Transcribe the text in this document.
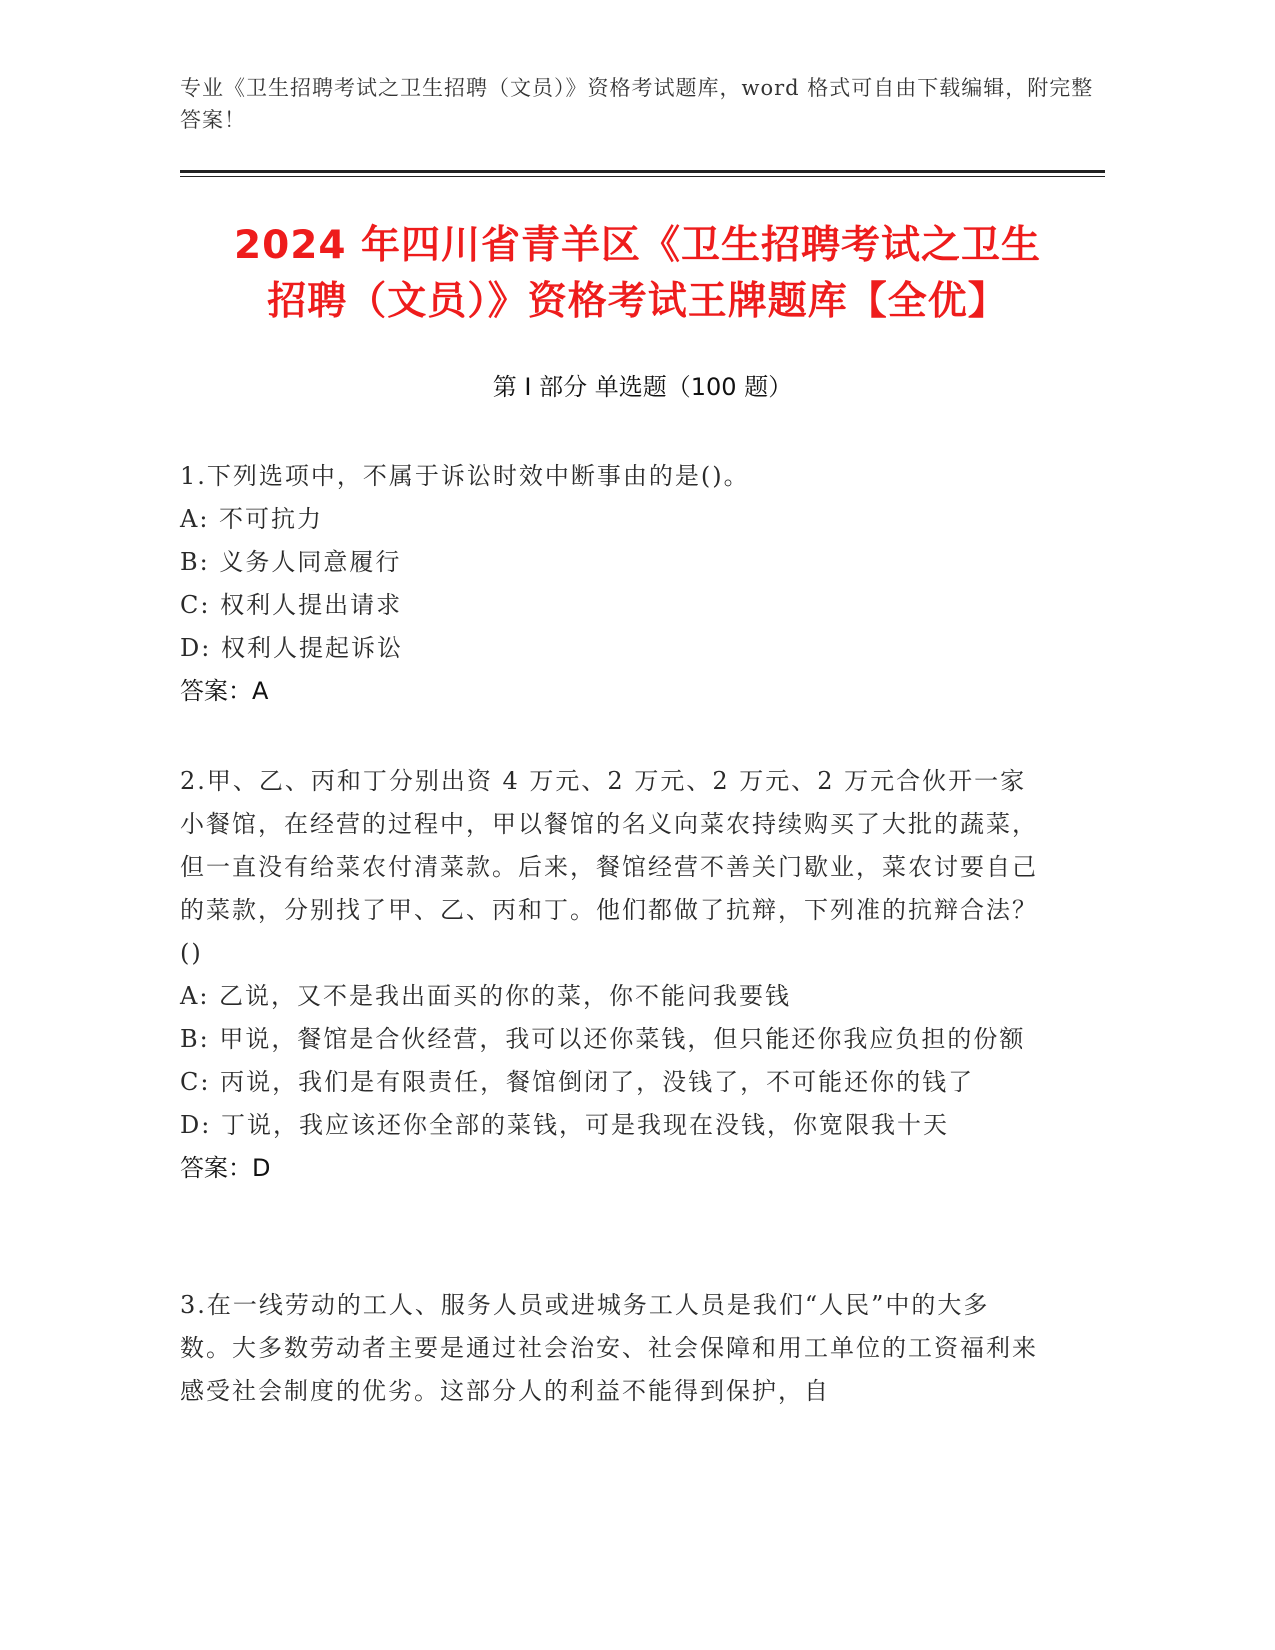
专业《卫生招聘考试之卫生招聘（文员）》资格考试题库，word 格式可自由下载编辑，附完整答案！
2024 年四川省青羊区《卫生招聘考试之卫生
招聘（文员）》资格考试王牌题库【全优】
第 I 部分 单选题（100 题）
1.下列选项中，不属于诉讼时效中断事由的是()。
A: 不可抗力
B: 义务人同意履行
C: 权利人提出请求
D: 权利人提起诉讼
答案：A
2.甲、乙、丙和丁分别出资 4 万元、2 万元、2 万元、2 万元合伙开一家小餐馆，在经营的过程中，甲以餐馆的名义向菜农持续购买了大批的蔬菜，但一直没有给菜农付清菜款。后来，餐馆经营不善关门歇业，菜农讨要自己的菜款，分别找了甲、乙、丙和丁。他们都做了抗辩，下列准的抗辩合法？()
A: 乙说，又不是我出面买的你的菜，你不能问我要钱
B: 甲说，餐馆是合伙经营，我可以还你菜钱，但只能还你我应负担的份额
C: 丙说，我们是有限责任，餐馆倒闭了，没钱了，不可能还你的钱了
D: 丁说，我应该还你全部的菜钱，可是我现在没钱，你宽限我十天
答案：D
3.在一线劳动的工人、服务人员或进城务工人员是我们“人民”中的大多数。大多数劳动者主要是通过社会治安、社会保障和用工单位的工资福利来感受社会制度的优劣。这部分人的利益不能得到保护，自
